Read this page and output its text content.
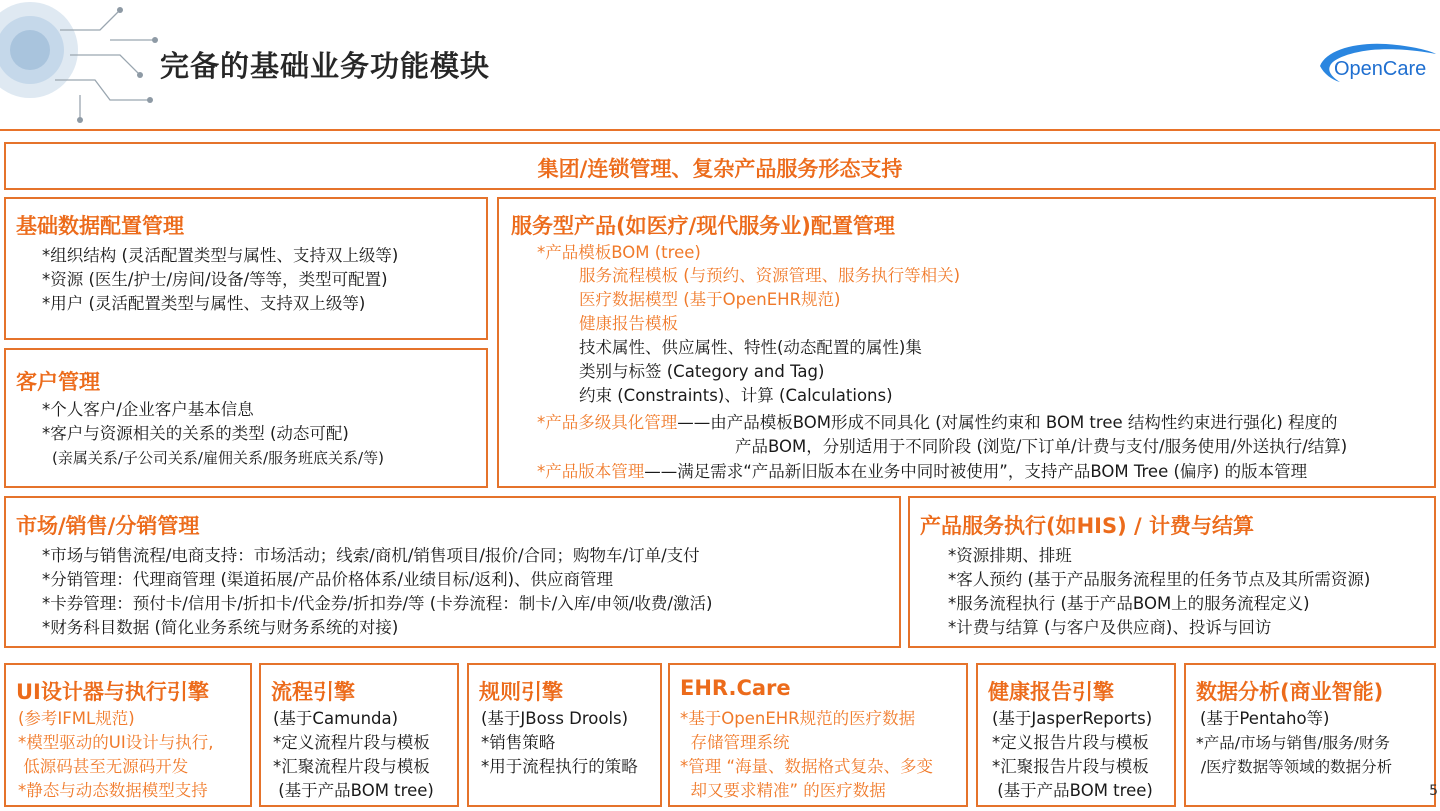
完备的基础业务功能模块	OpenCare
集团/连锁管理、复杂产品服务形态支持
基础数据配置管理
*组织结构 (灵活配置类型与属性、支持双上级等)
*资源 (医生/护士/房间/设备/等等，类型可配置)
*用户 (灵活配置类型与属性、支持双上级等)
客户管理
*个人客户/企业客户基本信息
*客户与资源相关的关系的类型 (动态可配)
(亲属关系/子公司关系/雇佣关系/服务班底关系/等)
服务型产品(如医疗/现代服务业)配置管理
*产品模板BOM (tree)
服务流程模板 (与预约、资源管理、服务执行等相关)
医疗数据模型 (基于OpenEHR规范)
健康报告模板
技术属性、供应属性、特性(动态配置的属性)集
类别与标签 (Category and Tag)
约束 (Constraints)、计算 (Calculations)
*产品多级具化管理——由产品模板BOM形成不同具化 (对属性约束和 BOM tree 结构性约束进行强化) 程度的
产品BOM，分别适用于不同阶段 (浏览/下订单/计费与支付/服务使用/外送执行/结算)
*产品版本管理——满足需求“产品新旧版本在业务中同时被使用”，支持产品BOM Tree (偏序) 的版本管理
市场/销售/分销管理
*市场与销售流程/电商支持：市场活动；线索/商机/销售项目/报价/合同；购物车/订单/支付
*分销管理：代理商管理 (渠道拓展/产品价格体系/业绩目标/返利)、供应商管理
*卡券管理：预付卡/信用卡/折扣卡/代金券/折扣券/等 (卡券流程：制卡/入库/申领/收费/激活)
*财务科目数据 (简化业务系统与财务系统的对接)
产品服务执行(如HIS) / 计费与结算
*资源排期、排班
*客人预约 (基于产品服务流程里的任务节点及其所需资源)
*服务流程执行 (基于产品BOM上的服务流程定义)
*计费与结算 (与客户及供应商)、投诉与回访
UI设计器与执行引擎
(参考IFML规范)
*模型驱动的UI设计与执行,
低源码甚至无源码开发
*静态与动态数据模型支持
流程引擎
(基于Camunda)
*定义流程片段与模板
*汇聚流程片段与模板
(基于产品BOM tree)
规则引擎
(基于JBoss Drools)
*销售策略
*用于流程执行的策略
EHR.Care
*基于OpenEHR规范的医疗数据
存储管理系统
*管理 “海量、数据格式复杂、多变
却又要求精准” 的医疗数据
健康报告引擎
(基于JasperReports)
*定义报告片段与模板
*汇聚报告片段与模板
(基于产品BOM tree)
数据分析(商业智能)
(基于Pentaho等)
*产品/市场与销售/服务/财务
/医疗数据等领域的数据分析
5
